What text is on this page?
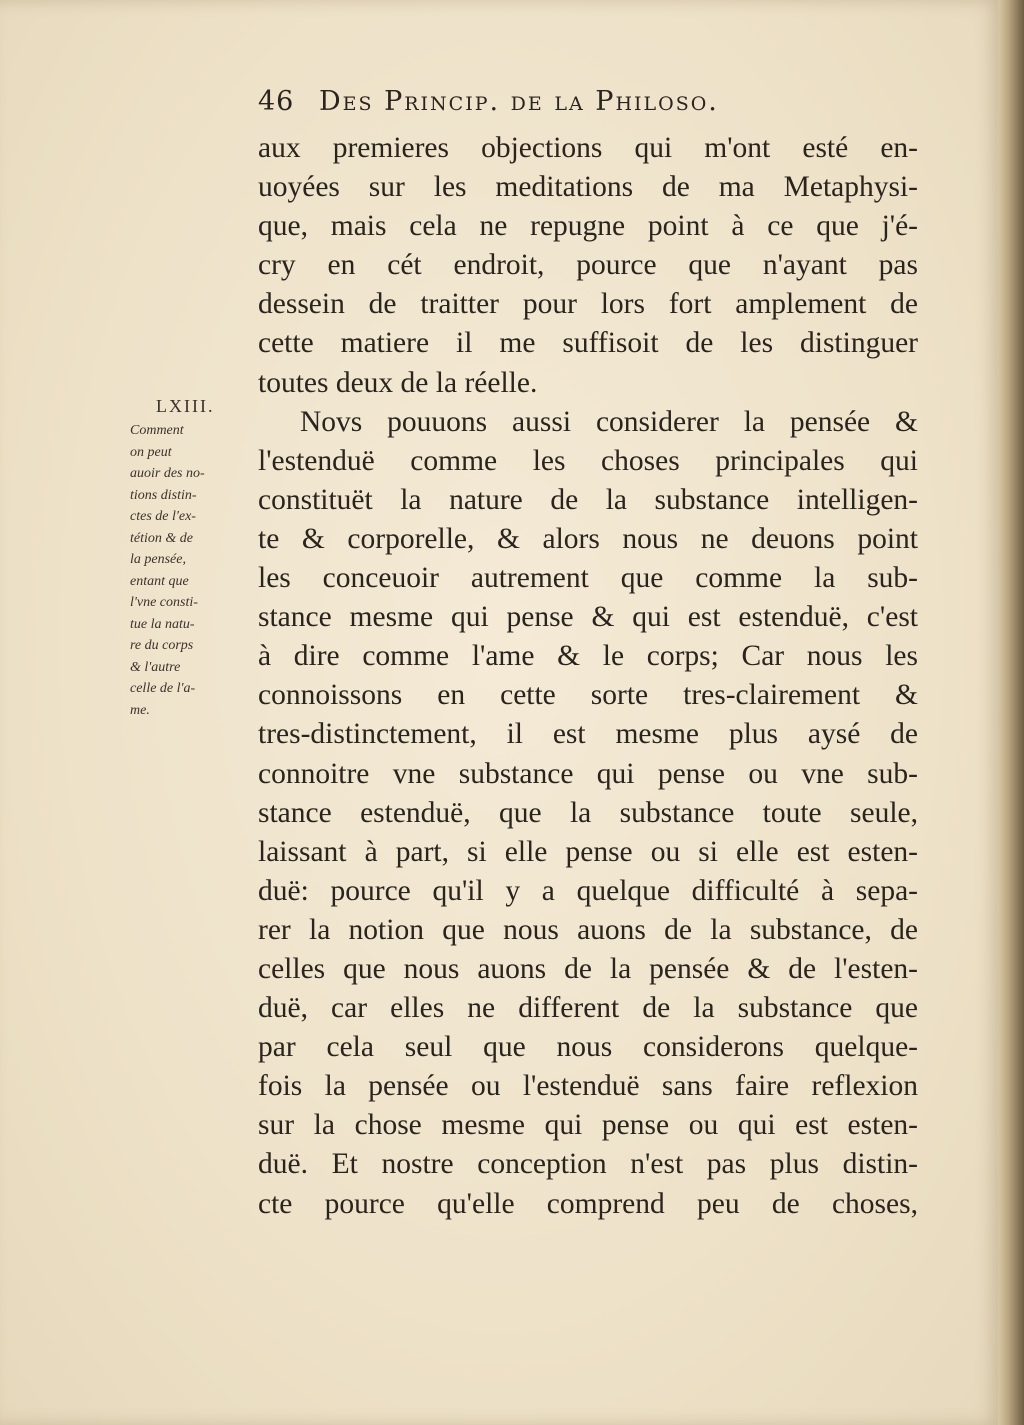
46 Des Princip. de la Philoso.
LXIII.
Comment
on peut
auoir des no-
tions distin-
ctes de l'ex-
tétion & de
la pensée,
entant que
l'vne consti-
tue la natu-
re du corps
& l'autre
celle de l'a-
me.
aux premieres objections qui m'ont esté en-
uoyées sur les meditations de ma Metaphysi-
que, mais cela ne repugne point à ce que j'é-
cry en cét endroit, pource que n'ayant pas
dessein de traitter pour lors fort amplement de
cette matiere il me suffisoit de les distinguer
toutes deux de la réelle.
Novs pouuons aussi considerer la pensée &
l'estenduë comme les choses principales qui
constituët la nature de la substance intelligen-
te & corporelle, & alors nous ne deuons point
les conceuoir autrement que comme la sub-
stance mesme qui pense & qui est estenduë, c'est
à dire comme l'ame & le corps; Car nous les
connoissons en cette sorte tres-clairement &
tres-distinctement, il est mesme plus aysé de
connoitre vne substance qui pense ou vne sub-
stance estenduë, que la substance toute seule,
laissant à part, si elle pense ou si elle est esten-
duë: pource qu'il y a quelque difficulté à sepa-
rer la notion que nous auons de la substance, de
celles que nous auons de la pensée & de l'esten-
duë, car elles ne different de la substance que
par cela seul que nous considerons quelque-
fois la pensée ou l'estenduë sans faire reflexion
sur la chose mesme qui pense ou qui est esten-
duë. Et nostre conception n'est pas plus distin-
cte pource qu'elle comprend peu de choses,
